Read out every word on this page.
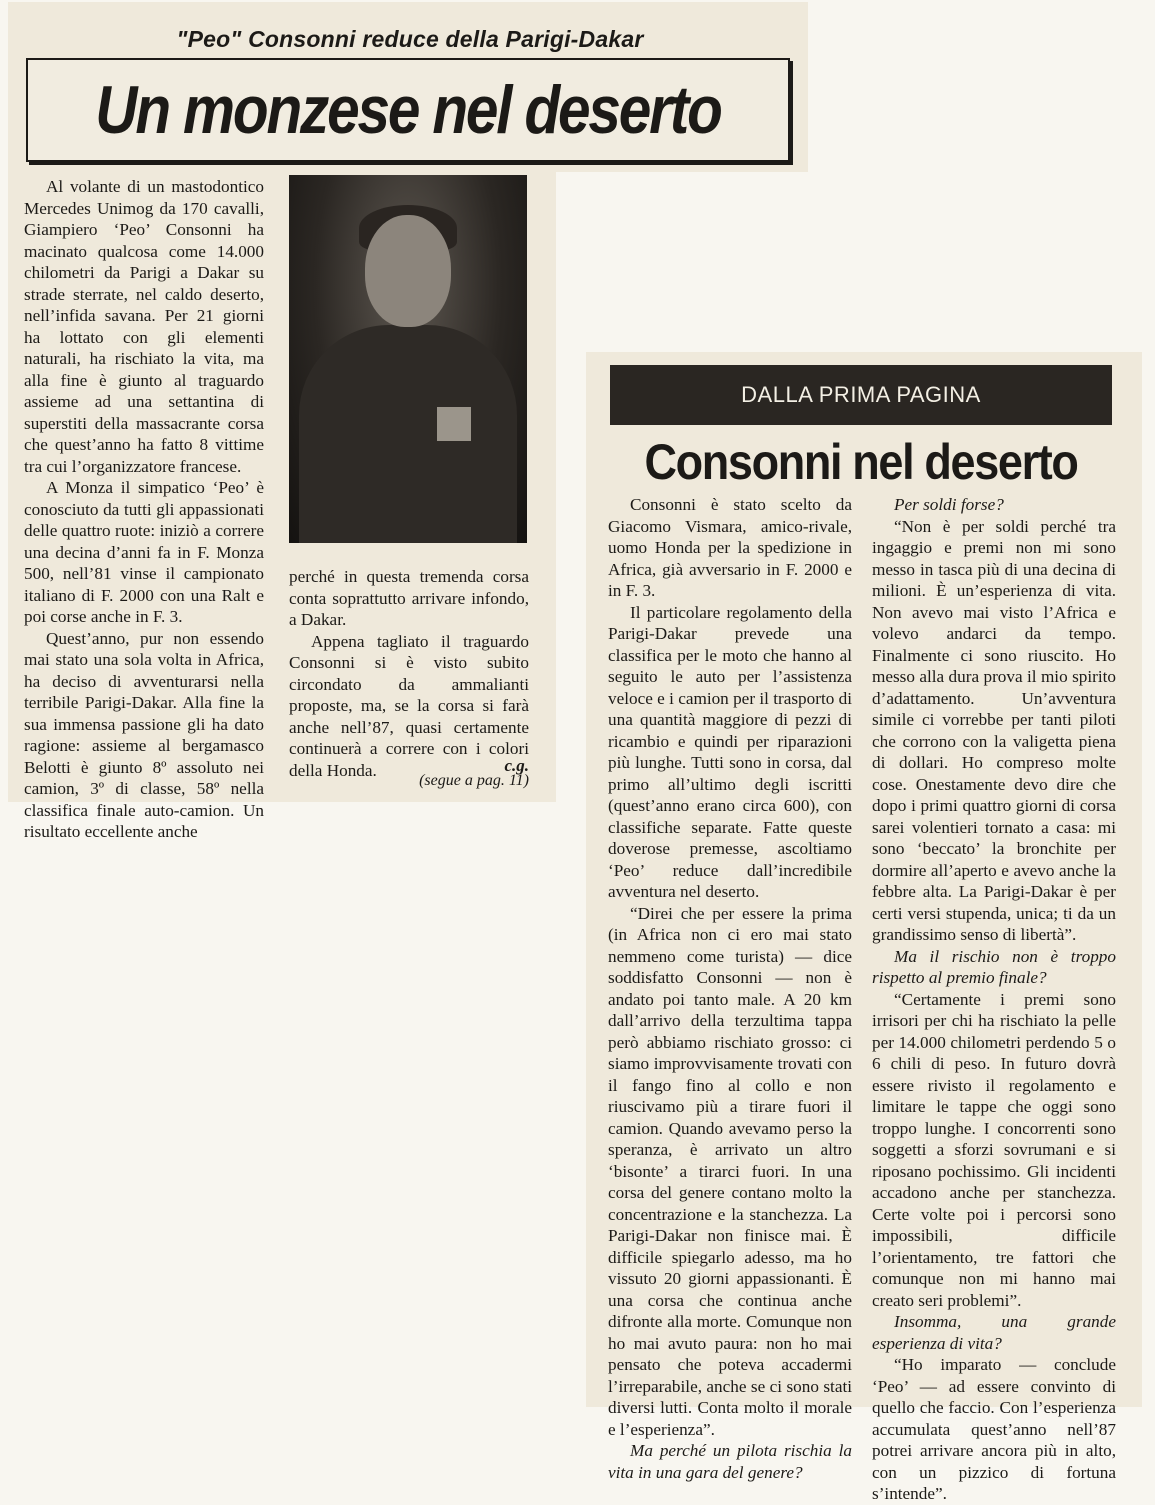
"Peo" Consonni reduce della Parigi-Dakar
Un monzese nel deserto

Al volante di un mastodontico Mercedes Unimog da 170 cavalli, Giampiero ‘Peo’ Consonni ha macinato qualcosa come 14.000 chilometri da Parigi a Dakar su strade sterrate, nel caldo deserto, nell’infida savana. Per 21 giorni ha lottato con gli elementi naturali, ha rischiato la vita, ma alla fine è giunto al traguardo assieme ad una settantina di superstiti della massacrante corsa che quest’anno ha fatto 8 vittime tra cui l’organizzatore francese.

A Monza il simpatico ‘Peo’ è conosciuto da tutti gli appassionati delle quattro ruote: iniziò a correre una decina d’anni fa in F. Monza 500, nell’81 vinse il campionato italiano di F. 2000 con una Ralt e poi corse anche in F. 3.

Quest’anno, pur non essendo mai stato una sola volta in Africa, ha deciso di avventurarsi nella terribile Parigi-Dakar. Alla fine la sua immensa passione gli ha dato ragione: assieme al bergamasco Belotti è giunto 8º assoluto nei camion, 3º di classe, 58º nella classifica finale auto-camion. Un risultato eccellente anche

perché in questa tremenda corsa conta soprattutto arrivare infondo, a Dakar.

Appena tagliato il traguardo Consonni si è visto subito circondato da ammalianti proposte, ma, se la corsa si farà anche nell’87, quasi certamente continuerà a correre con i colori della Honda.	c.g.
(segue a pag. 11)
DALLA PRIMA PAGINA
Consonni nel deserto

Consonni è stato scelto da Giacomo Vismara, amico-rivale, uomo Honda per la spedizione in Africa, già avversario in F. 2000 e in F. 3.

Il particolare regolamento della Parigi-Dakar prevede una classifica per le moto che hanno al seguito le auto per l’assistenza veloce e i camion per il trasporto di una quantità maggiore di pezzi di ricambio e quindi per riparazioni più lunghe. Tutti sono in corsa, dal primo all’ultimo degli iscritti (quest’anno erano circa 600), con classifiche separate. Fatte queste doverose premesse, ascoltiamo ‘Peo’ reduce dall’incredibile avventura nel deserto.

“Direi che per essere la prima (in Africa non ci ero mai stato nemmeno come turista) — dice soddisfatto Consonni — non è andato poi tanto male. A 20 km dall’arrivo della terzultima tappa però abbiamo rischiato grosso: ci siamo improvvisamente trovati con il fango fino al collo e non riuscivamo più a tirare fuori il camion. Quando avevamo perso la speranza, è arrivato un altro ‘bisonte’ a tirarci fuori. In una corsa del genere contano molto la concentrazione e la stanchezza. La Parigi-Dakar non finisce mai. È difficile spiegarlo adesso, ma ho vissuto 20 giorni appassionanti. È una corsa che continua anche difronte alla morte. Comunque non ho mai avuto paura: non ho mai pensato che poteva accadermi l’irreparabile, anche se ci sono stati diversi lutti. Conta molto il morale e l’esperienza”.

Ma perché un pilota rischia la vita in una gara del genere?

Per soldi forse?

“Non è per soldi perché tra ingaggio e premi non mi sono messo in tasca più di una decina di milioni. È un’esperienza di vita. Non avevo mai visto l’Africa e volevo andarci da tempo. Finalmente ci sono riuscito. Ho messo alla dura prova il mio spirito d’adattamento. Un’avventura simile ci vorrebbe per tanti piloti che corrono con la valigetta piena di dollari. Ho compreso molte cose. Onestamente devo dire che dopo i primi quattro giorni di corsa sarei volentieri tornato a casa: mi sono ‘beccato’ la bronchite per dormire all’aperto e avevo anche la febbre alta. La Parigi-Dakar è per certi versi stupenda, unica; ti da un grandissimo senso di libertà”.

Ma il rischio non è troppo rispetto al premio finale?

“Certamente i premi sono irrisori per chi ha rischiato la pelle per 14.000 chilometri perdendo 5 o 6 chili di peso. In futuro dovrà essere rivisto il regolamento e limitare le tappe che oggi sono troppo lunghe. I concorrenti sono soggetti a sforzi sovrumani e si riposano pochissimo. Gli incidenti accadono anche per stanchezza. Certe volte poi i percorsi sono impossibili, difficile l’orientamento, tre fattori che comunque non mi hanno mai creato seri problemi”.

Insomma, una grande esperienza di vita?

“Ho imparato — conclude ‘Peo’ — ad essere convinto di quello che faccio. Con l’esperienza accumulata quest’anno nell’87 potrei arrivare ancora più in alto, con un pizzico di fortuna s’intende”.
